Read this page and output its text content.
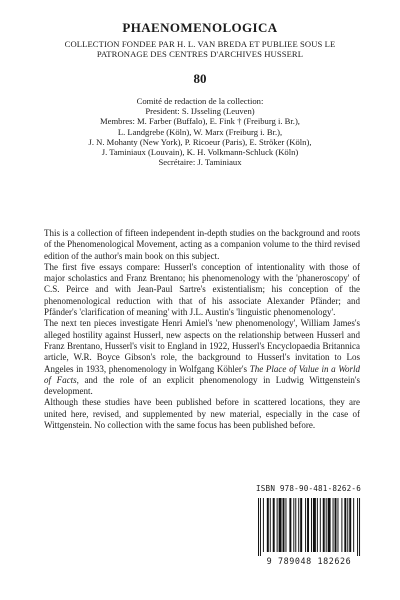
PHAENOMENOLOGICA
COLLECTION FONDEE PAR H. L. VAN BREDA ET PUBLIEE SOUS LE
PATRONAGE DES CENTRES D'ARCHIVES HUSSERL
80
Comité de redaction de la collection:
President: S. IJsseling (Leuven)
Membres: M. Farber (Buffalo), E. Fink † (Freiburg i. Br.),
L. Landgrebe (Köln), W. Marx (Freiburg i. Br.),
J. N. Mohanty (New York), P. Ricoeur (Paris), E. Ströker (Köln),
J. Taminiaux (Louvain), K. H. Volkmann-Schluck (Köln)
Secrétaire: J. Taminiaux

This is a collection of fifteen independent in-depth studies on the background and roots of the Phenomenological Movement, acting as a companion volume to the third revised edition of the author's main book on this subject.

The first five essays compare: Husserl's conception of intentionality with those of major scholastics and Franz Brentano; his phenomenology with the 'phaneroscopy' of C.S. Peirce and with Jean-Paul Sartre's existentialism; his conception of the phenomenological reduction with that of his associate Alexander Pfänder; and Pfänder's 'clarification of meaning' with J.L. Austin's 'linguistic phenomenology'.

The next ten pieces investigate Henri Amiel's 'new phenomenology', William James's alleged hostility against Husserl, new aspects on the relationship between Husserl and Franz Brentano, Husserl's visit to England in 1922, Husserl's Encyclopaedia Britannica article, W.R. Boyce Gibson's role, the background to Husserl's invitation to Los Angeles in 1933, phenomenology in Wolfgang Köhler's The Place of Value in a World of Facts, and the role of an explicit phenomenology in Ludwig Wittgenstein's development.

Although these studies have been published before in scattered locations, they are united here, revised, and supplemented by new material, especially in the case of Wittgenstein. No collection with the same focus has been published before.

ISBN 978-90-481-8262-6
9 789048 182626
